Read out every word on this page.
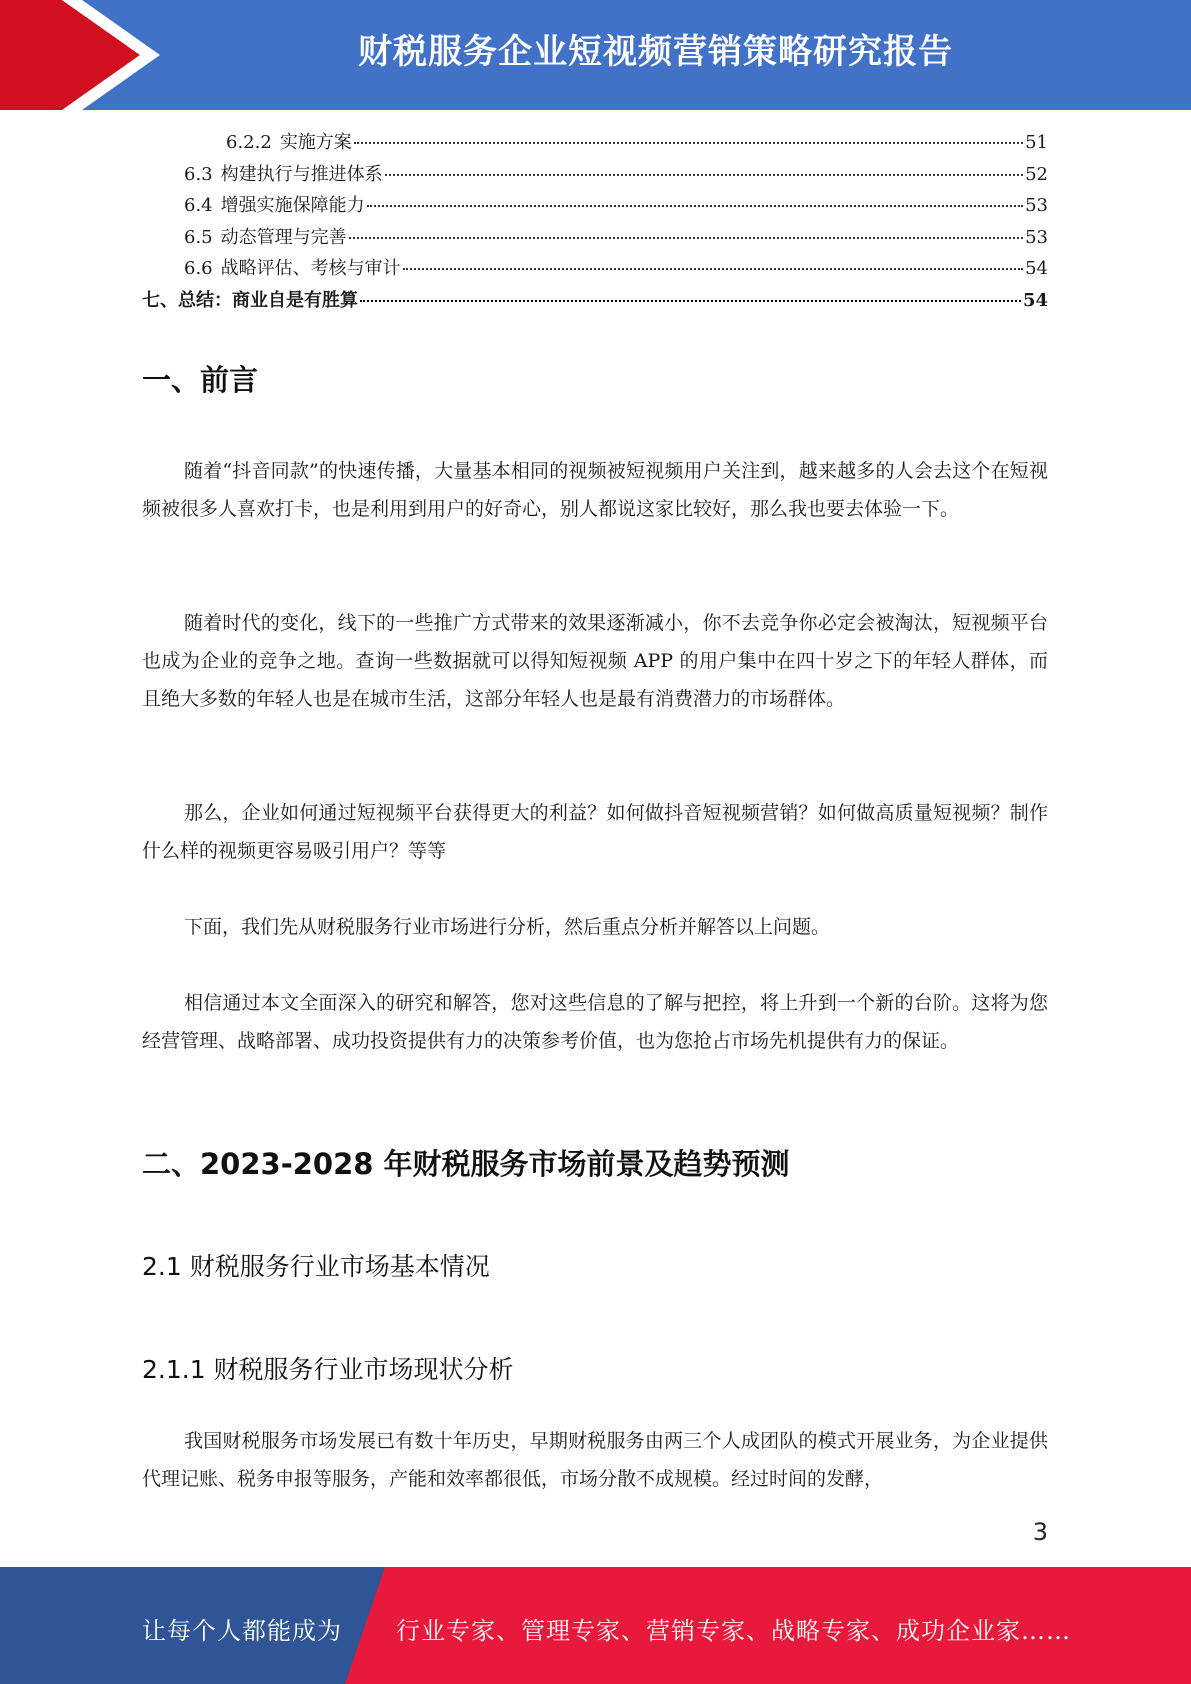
财税服务企业短视频营销策略研究报告
6.2.2 实施方案	51
6.3 构建执行与推进体系	52
6.4 增强实施保障能力	53
6.5 动态管理与完善	53
6.6 战略评估、考核与审计	54
七、总结：商业自是有胜算	54
一、前言

随着“抖音同款”的快速传播，大量基本相同的视频被短视频用户关注到，越来越多的人会去这个在短视频被很多人喜欢打卡，也是利用到用户的好奇心，别人都说这家比较好，那么我也要去体验一下。

随着时代的变化，线下的一些推广方式带来的效果逐渐减小，你不去竞争你必定会被淘汰，短视频平台也成为企业的竞争之地。查询一些数据就可以得知短视频 APP 的用户集中在四十岁之下的年轻人群体，而且绝大多数的年轻人也是在城市生活，这部分年轻人也是最有消费潜力的市场群体。

那么，企业如何通过短视频平台获得更大的利益？如何做抖音短视频营销？如何做高质量短视频？制作什么样的视频更容易吸引用户？等等

下面，我们先从财税服务行业市场进行分析，然后重点分析并解答以上问题。

相信通过本文全面深入的研究和解答，您对这些信息的了解与把控，将上升到一个新的台阶。这将为您经营管理、战略部署、成功投资提供有力的决策参考价值，也为您抢占市场先机提供有力的保证。

二、2023-2028 年财税服务市场前景及趋势预测
2.1 财税服务行业市场基本情况
2.1.1 财税服务行业市场现状分析

我国财税服务市场发展已有数十年历史，早期财税服务由两三个人成团队的模式开展业务，为企业提供代理记账、税务申报等服务，产能和效率都很低，市场分散不成规模。经过时间的发酵，

3
让每个人都能成为 行业专家、管理专家、营销专家、战略专家、成功企业家……
